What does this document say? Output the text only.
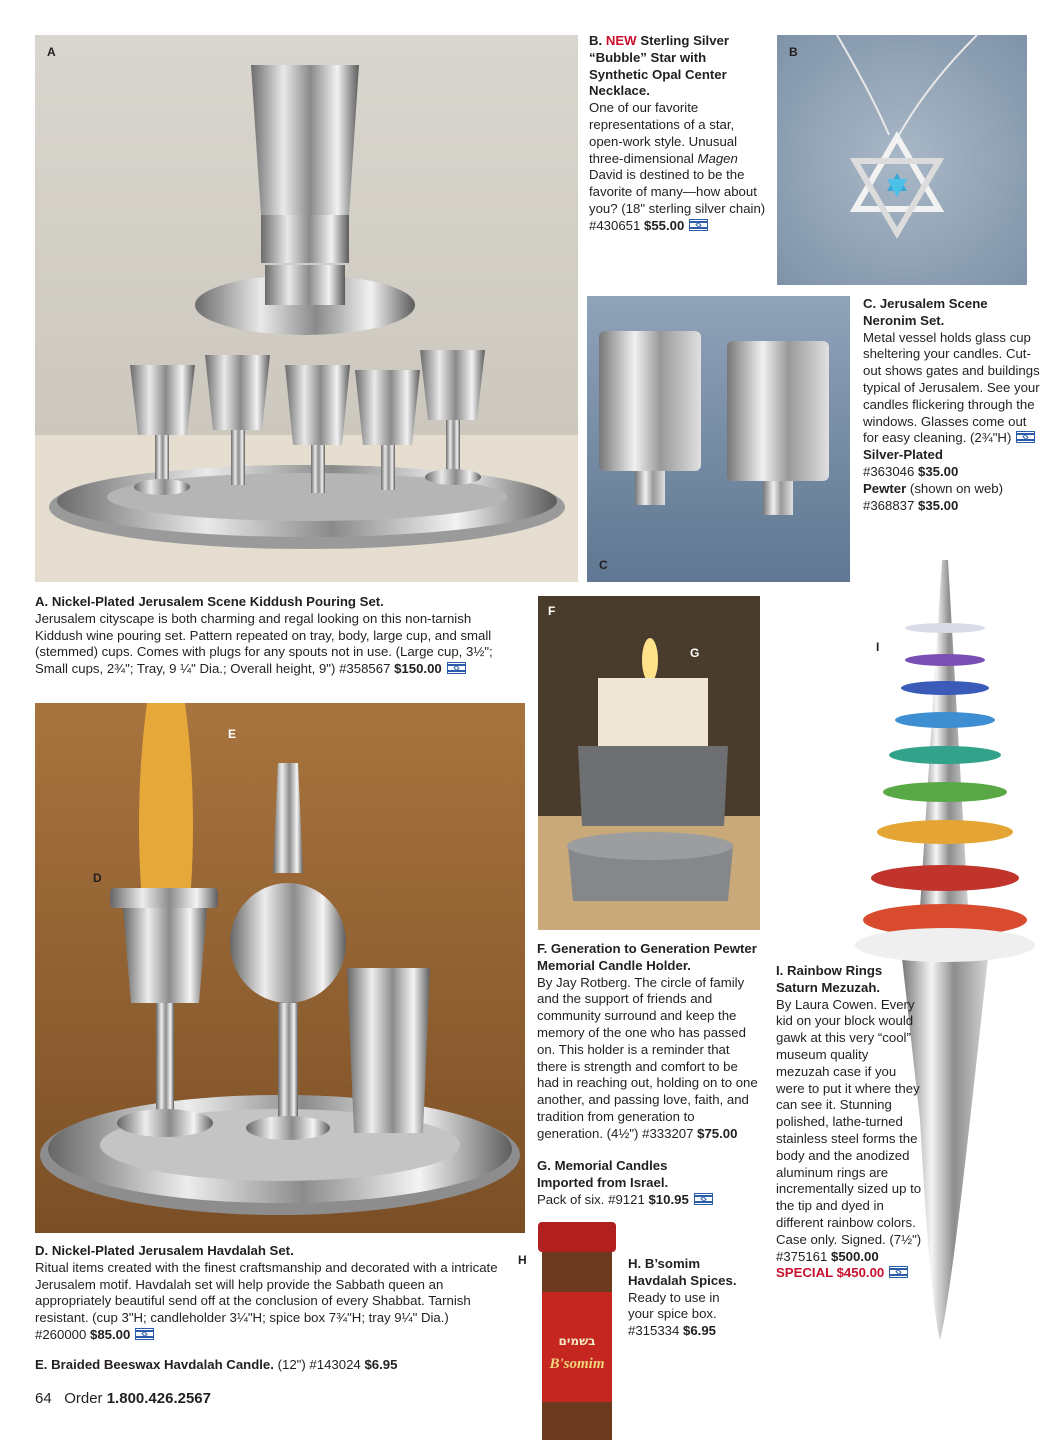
A	B
C
F
G
D
E
I
בשמים
B'somim
H
B. NEW Sterling Silver “Bubble” Star with Synthetic Opal Center Necklace.
One of our favorite representations of a star, open-work style. Unusual three-dimensional Magen David is destined to be the favorite of many—how about you? (18" sterling silver chain)
#430651 $55.00
C. Jerusalem Scene Neronim Set.
Metal vessel holds glass cup sheltering your candles. Cut-out shows gates and buildings typical of Jerusalem. See your candles flickering through the windows. Glasses come out for easy cleaning. (2¾"H)

Silver-Plated
#363046 $35.00
Pewter (shown on web)
#368837 $35.00
A. Nickel-Plated Jerusalem Scene Kiddush Pouring Set.
Jerusalem cityscape is both charming and regal looking on this non-tarnish Kiddush wine pouring set. Pattern repeated on tray, body, large cup, and small (stemmed) cups. Comes with plugs for any spouts not in use. (Large cup, 3½"; Small cups, 2¾"; Tray, 9 ¼" Dia.; Overall height, 9") #358567 $150.00
F. Generation to Generation Pewter Memorial Candle Holder.
By Jay Rotberg. The circle of family and the support of friends and community surround and keep the memory of the one who has passed on. This holder is a reminder that there is strength and comfort to be had in reaching out, holding on to one another, and passing love, faith, and tradition from generation to generation. (4½") #333207 $75.00
G. Memorial Candles Imported from Israel.
Pack of six. #9121 $10.95
H. B’somim Havdalah Spices.
Ready to use in your spice box.
#315334 $6.95
I. Rainbow Rings Saturn Mezuzah.
By Laura Cowen. Every kid on your block would gawk at this very “cool” museum quality mezuzah case if you were to put it where they can see it. Stunning polished, lathe-turned stainless steel forms the body and the anodized aluminum rings are incrementally sized up to the tip and dyed in different rainbow colors. Case only. Signed. (7½")
#375161 $500.00
SPECIAL $450.00
D. Nickel-Plated Jerusalem Havdalah Set.
Ritual items created with the finest craftsmanship and decorated with a intricate Jerusalem motif. Havdalah set will help provide the Sabbath queen an appropriately beautiful send off at the conclusion of every Shabbat. Tarnish resistant. (cup 3"H; candleholder 3¼"H; spice box 7¾"H; tray 9¼" Dia.)
#260000 $85.00
E. Braided Beeswax Havdalah Candle. (12") #143024 $6.95
64 Order 1.800.426.2567
